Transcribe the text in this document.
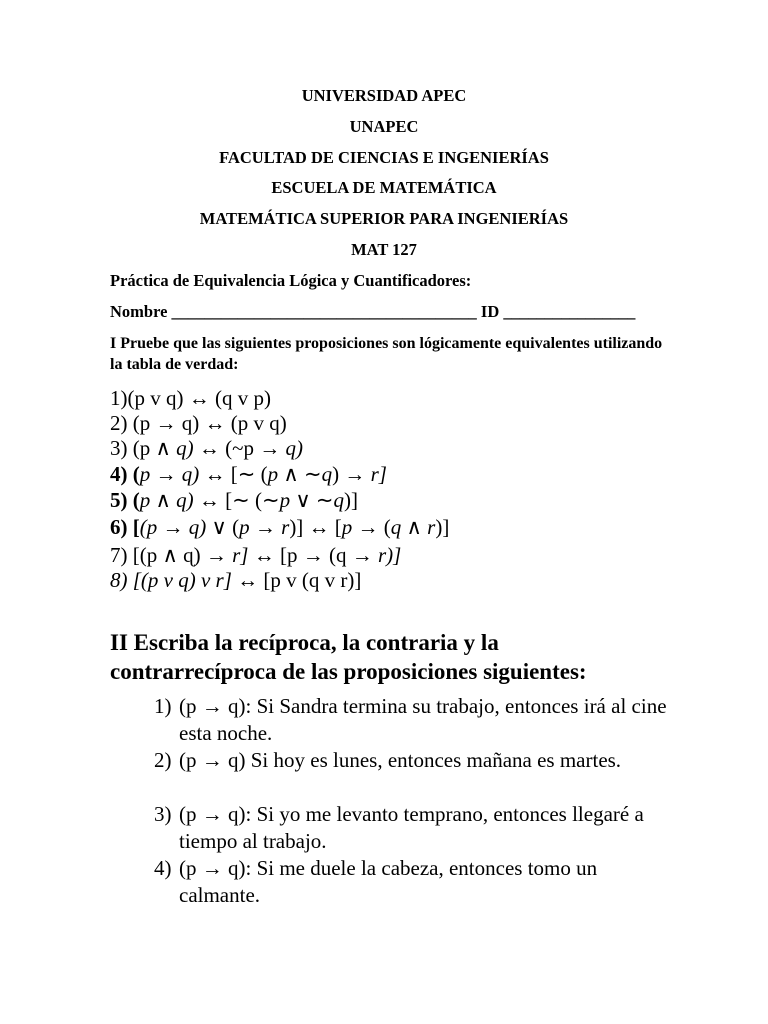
UNIVERSIDAD APEC
UNAPEC
FACULTAD DE CIENCIAS E INGENIERÍAS
ESCUELA DE MATEMÁTICA
MATEMÁTICA SUPERIOR PARA INGENIERÍAS
MAT 127
Práctica de Equivalencia Lógica y Cuantificadores:
Nombre _____________________________________ ID ________________
I Pruebe que las siguientes proposiciones son lógicamente equivalentes utilizando la tabla de verdad:
1)(p v q) ↔ (q v p)
2) (p → q) ↔ (p v q)
3) (p ∧ q) ↔ (~p → q)
4) (p → q) ↔ [∼ (p ∧ ∼q) → r]
5) (p ∧ q) ↔ [∼ (∼p ∨ ∼q)]
6) [(p → q) ∨ (p → r)] ↔ [p → (q ∧ r)]
7) [(p ∧ ɋ) → r] ↔ [p → (q → r)]
8) [(p v q) v r] ↔ [p v (q v r)]
II Escriba la recíproca, la contraria y la contrarrecíproca de las proposiciones siguientes:
1) (p → q): Si Sandra termina su trabajo, entonces irá al cine esta noche.
2) (p → q) Si hoy es lunes, entonces mañana es martes.
3) (p → q): Si yo me levanto temprano, entonces llegaré a tiempo al trabajo.
4) (p → q): Si me duele la cabeza, entonces tomo un calmante.
